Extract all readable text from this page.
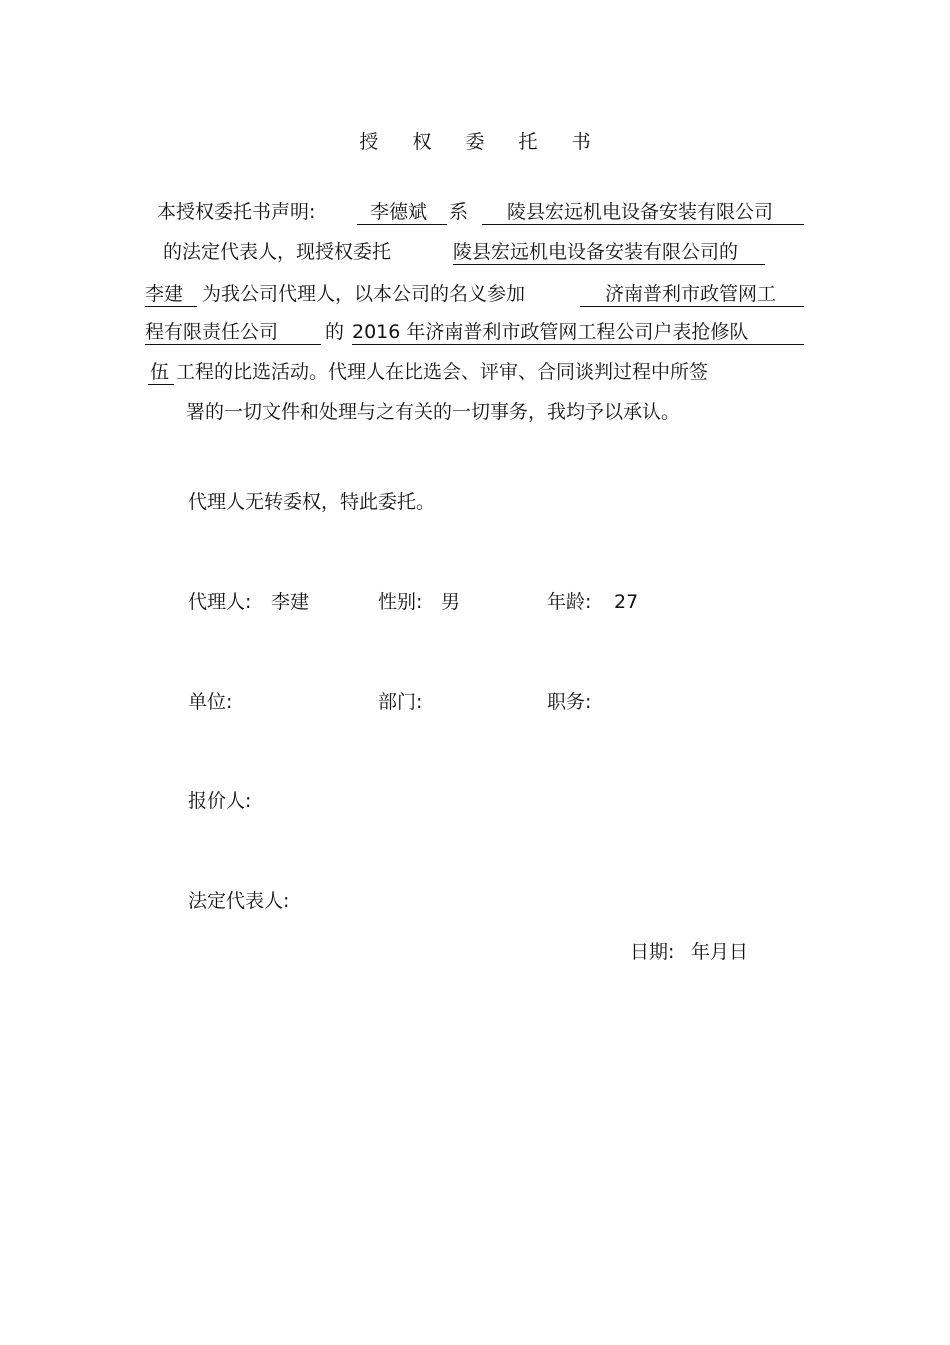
授 权 委 托 书
本授权委托书声明:	李德斌 系 陵县宏远机电设备安装有限公司
的法定代表人，现授权委托	陵县宏远机电设备安装有限公司的
李建 为我公司代理人，以本公司的名义参加	济南普利市政管网工
程有限责任公司 的 2016 年济南普利市政管网工程公司户表抢修队
伍 工程的比选活动。代理人在比选会、评审、合同谈判过程中所签
署的一切文件和处理与之有关的一切事务，我均予以承认。
代理人无转委权，特此委托。
代理人: 李建	性别: 男	年龄: 27
单位:	部门:	职务:
报价人:
法定代表人:
日期: 年月日
